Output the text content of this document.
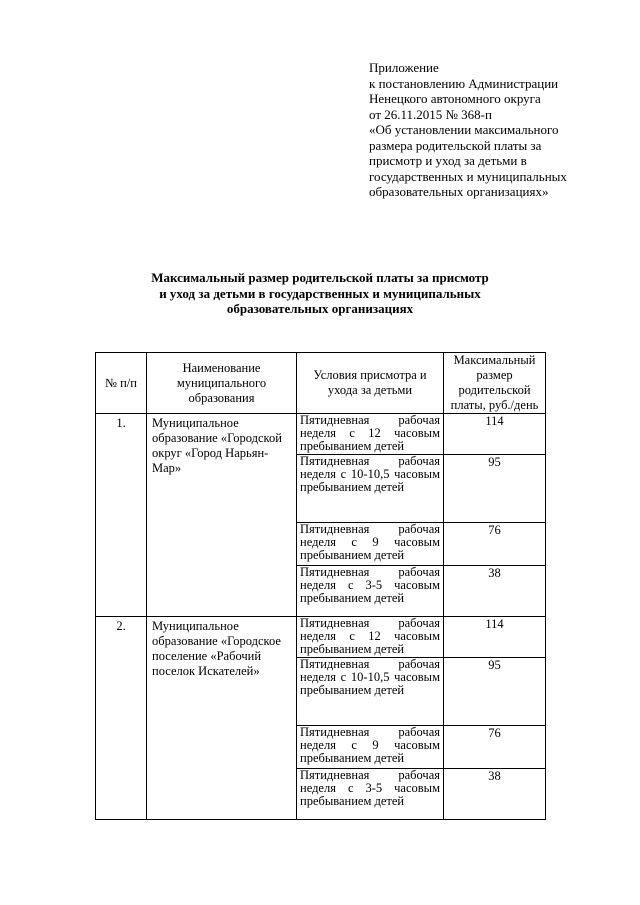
Приложение
к постановлению Администрации
Ненецкого автономного округа
от 26.11.2015 № 368-п
«Об установлении максимального
размера родительской платы за
присмотр и уход за детьми в
государственных и муниципальных
образовательных организациях»
Максимальный размер родительской платы за присмотр
и уход за детьми в государственных и муниципальных
образовательных организациях
№ п/п	Наименование муниципального образования	Условия присмотра и ухода за детьми	Максимальный размер родительской платы, руб./день
1.	Муниципальное образование «Городской округ «Город Нарьян-Мар»	Пятидневная рабочая неделя с 12 часовым пребыванием детей	114
		Пятидневная рабочая неделя с 10-10,5 часовым пребыванием детей	95
		Пятидневная рабочая неделя с 9 часовым пребыванием детей	76
		Пятидневная рабочая неделя с 3-5 часовым пребыванием детей	38
2.	Муниципальное образование «Городское поселение «Рабочий поселок Искателей»	Пятидневная рабочая неделя с 12 часовым пребыванием детей	114
		Пятидневная рабочая неделя с 10-10,5 часовым пребыванием детей	95
		Пятидневная рабочая неделя с 9 часовым пребыванием детей	76
		Пятидневная рабочая неделя с 3-5 часовым пребыванием детей	38
